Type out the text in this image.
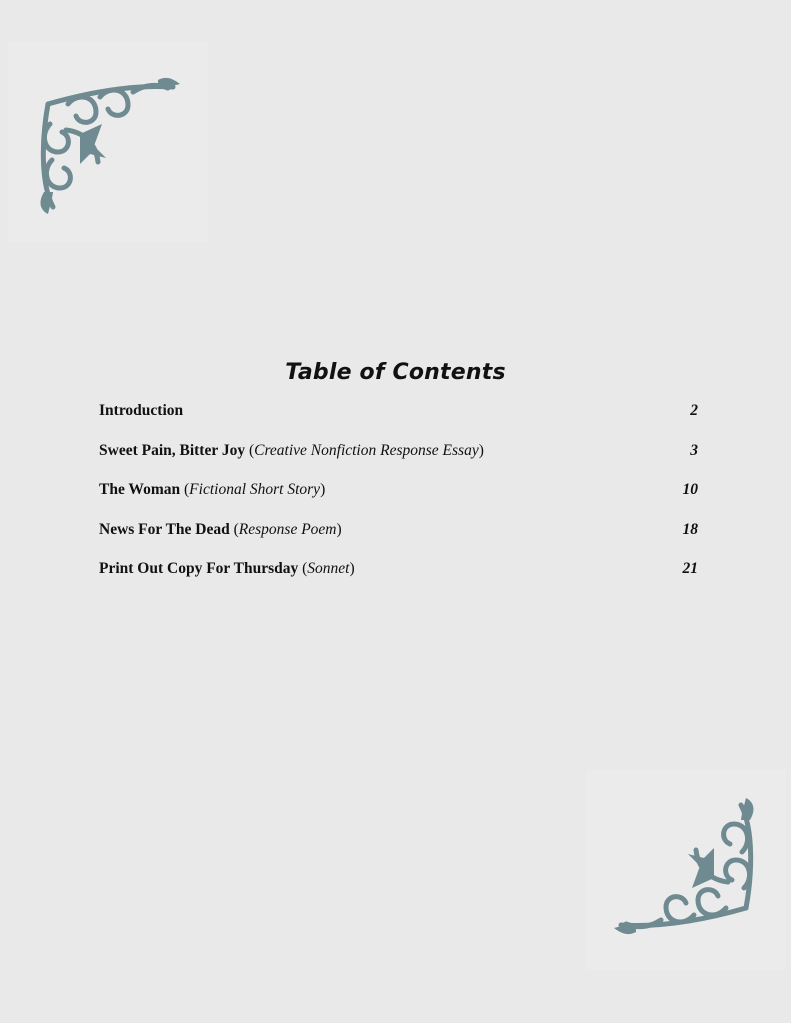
Table of Contents
Introduction	2
Sweet Pain, Bitter Joy (Creative Nonfiction Response Essay)	3
The Woman (Fictional Short Story)	10
News For The Dead (Response Poem)	18
Print Out Copy For Thursday (Sonnet)	21
